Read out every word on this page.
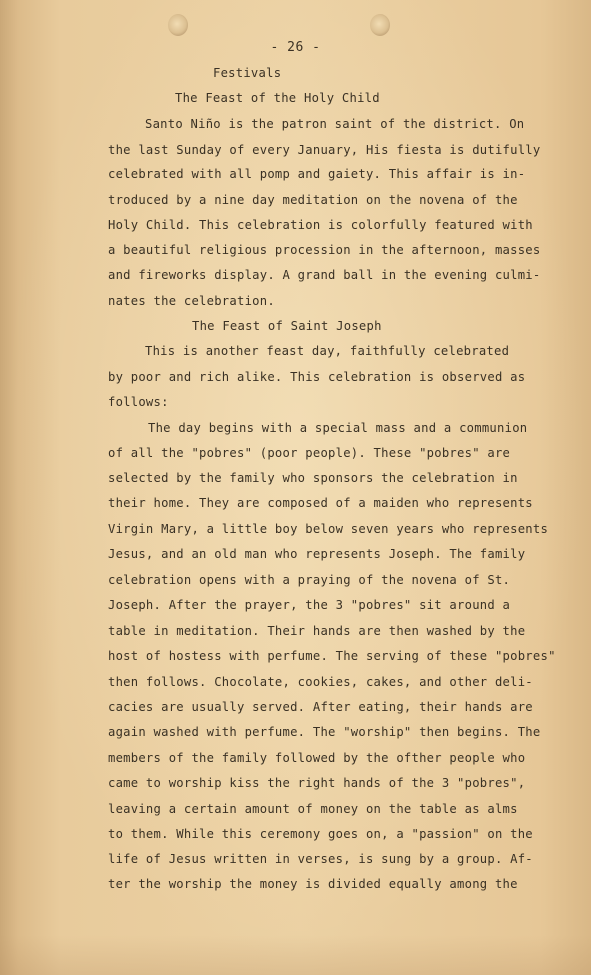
- 26 -

Festivals

The Feast of the Holy Child

Santo Niño is the patron saint of the district. On

the last Sunday of every January, His fiesta is dutifully

celebrated with all pomp and gaiety. This affair is in-

troduced by a nine day meditation on the novena of the

Holy Child. This celebration is colorfully featured with

a beautiful religious procession in the afternoon, masses

and fireworks display. A grand ball in the evening culmi-

nates the celebration.

The Feast of Saint Joseph

This is another feast day, faithfully celebrated

by poor and rich alike. This celebration is observed as

follows:

The day begins with a special mass and a communion

of all the "pobres" (poor people). These "pobres" are

selected by the family who sponsors the celebration in

their home. They are composed of a maiden who represents

Virgin Mary, a little boy below seven years who represents

Jesus, and an old man who represents Joseph. The family

celebration opens with a praying of the novena of St.

Joseph. After the prayer, the 3 "pobres" sit around a

table in meditation. Their hands are then washed by the

host of hostess with perfume. The serving of these "pobres"

then follows. Chocolate, cookies, cakes, and other deli-

cacies are usually served. After eating, their hands are

again washed with perfume. The "worship" then begins. The

members of the family followed by the ofther people who

came to worship kiss the right hands of the 3 "pobres",

leaving a certain amount of money on the table as alms

to them. While this ceremony goes on, a "passion" on the

life of Jesus written in verses, is sung by a group. Af-

ter the worship the money is divided equally among the
